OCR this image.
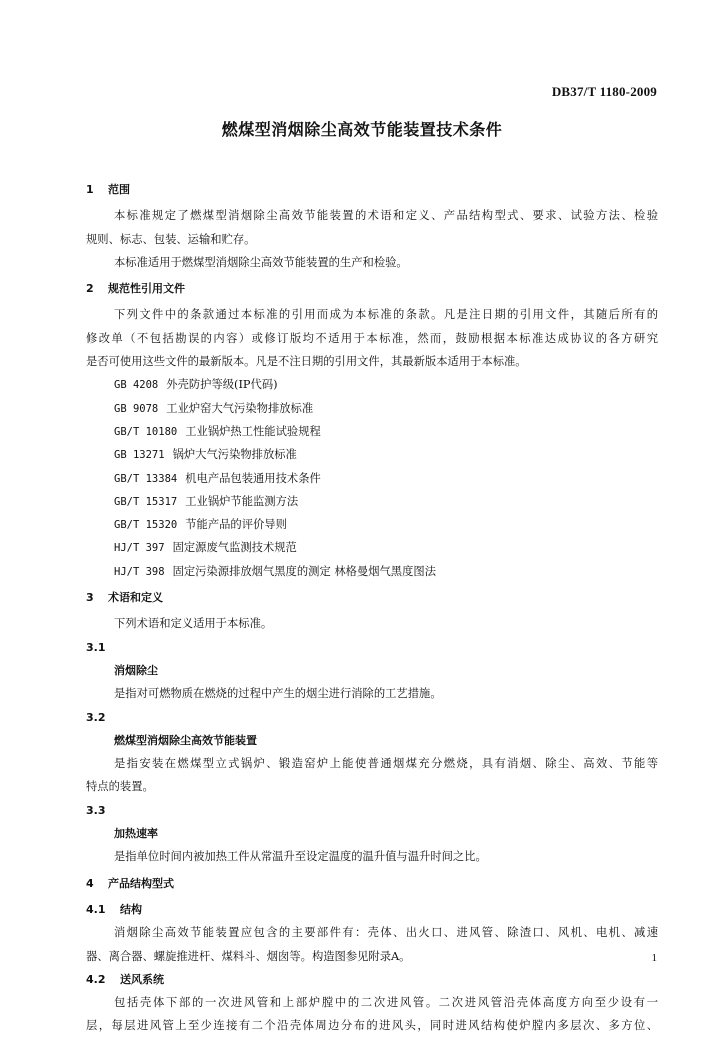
DB37/T 1180-2009
燃煤型消烟除尘高效节能装置技术条件
1 范围
本标准规定了燃煤型消烟除尘高效节能装置的术语和定义、产品结构型式、要求、试验方法、检验
规则、标志、包装、运输和贮存。
本标准适用于燃煤型消烟除尘高效节能装置的生产和检验。
2 规范性引用文件
下列文件中的条款通过本标准的引用而成为本标准的条款。凡是注日期的引用文件，其随后所有的
修改单（不包括勘误的内容）或修订版均不适用于本标准，然而，鼓励根据本标准达成协议的各方研究
是否可使用这些文件的最新版本。凡是不注日期的引用文件，其最新版本适用于本标准。
GB 4208 外壳防护等级(IP代码)
GB 9078 工业炉窑大气污染物排放标准
GB/T 10180 工业锅炉热工性能试验规程
GB 13271 锅炉大气污染物排放标准
GB/T 13384 机电产品包装通用技术条件
GB/T 15317 工业锅炉节能监测方法
GB/T 15320 节能产品的评价导则
HJ/T 397 固定源废气监测技术规范
HJ/T 398 固定污染源排放烟气黑度的测定 林格曼烟气黑度图法
3 术语和定义
下列术语和定义适用于本标准。
3.1
消烟除尘
是指对可燃物质在燃烧的过程中产生的烟尘进行消除的工艺措施。
3.2
燃煤型消烟除尘高效节能装置
是指安装在燃煤型立式锅炉、锻造窑炉上能使普通烟煤充分燃烧，具有消烟、除尘、高效、节能等
特点的装置。
3.3
加热速率
是指单位时间内被加热工件从常温升至设定温度的温升值与温升时间之比。
4 产品结构型式
4.1 结构
消烟除尘高效节能装置应包含的主要部件有：壳体、出火口、进风管、除渣口、风机、电机、减速
器、离合器、螺旋推进杆、煤料斗、烟囱等。构造图参见附录A。
4.2 送风系统
包括壳体下部的一次进风管和上部炉膛中的二次进风管。二次进风管沿壳体高度方向至少设有一
层，每层进风管上至少连接有二个沿壳体周边分布的进风头，同时进风结构使炉膛内多层次、多方位、
1
